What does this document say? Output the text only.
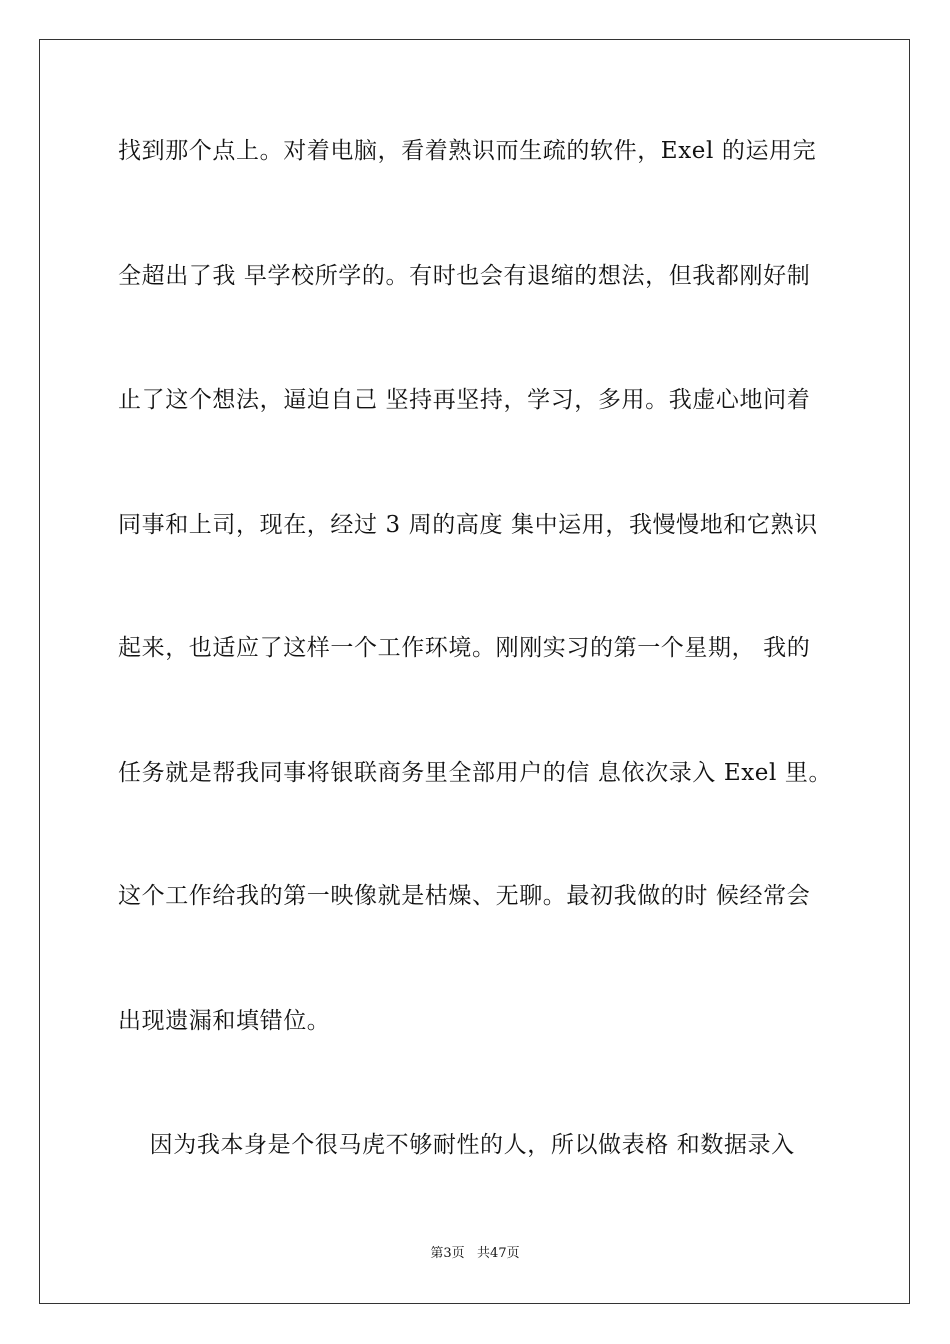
找到那个点上。对着电脑，看着熟识而生疏的软件，Exel 的运用完
全超出了我 早学校所学的。有时也会有退缩的想法，但我都刚好制
止了这个想法，逼迫自己 坚持再坚持，学习，多用。我虚心地问着
同事和上司，现在，经过 3 周的高度 集中运用，我慢慢地和它熟识
起来，也适应了这样一个工作环境。刚刚实习的第一个星期， 我的
任务就是帮我同事将银联商务里全部用户的信 息依次录入 Exel 里。
这个工作给我的第一映像就是枯燥、无聊。最初我做的时 候经常会
出现遗漏和填错位。
因为我本身是个很马虎不够耐性的人，所以做表格 和数据录入
第3页   共47页
